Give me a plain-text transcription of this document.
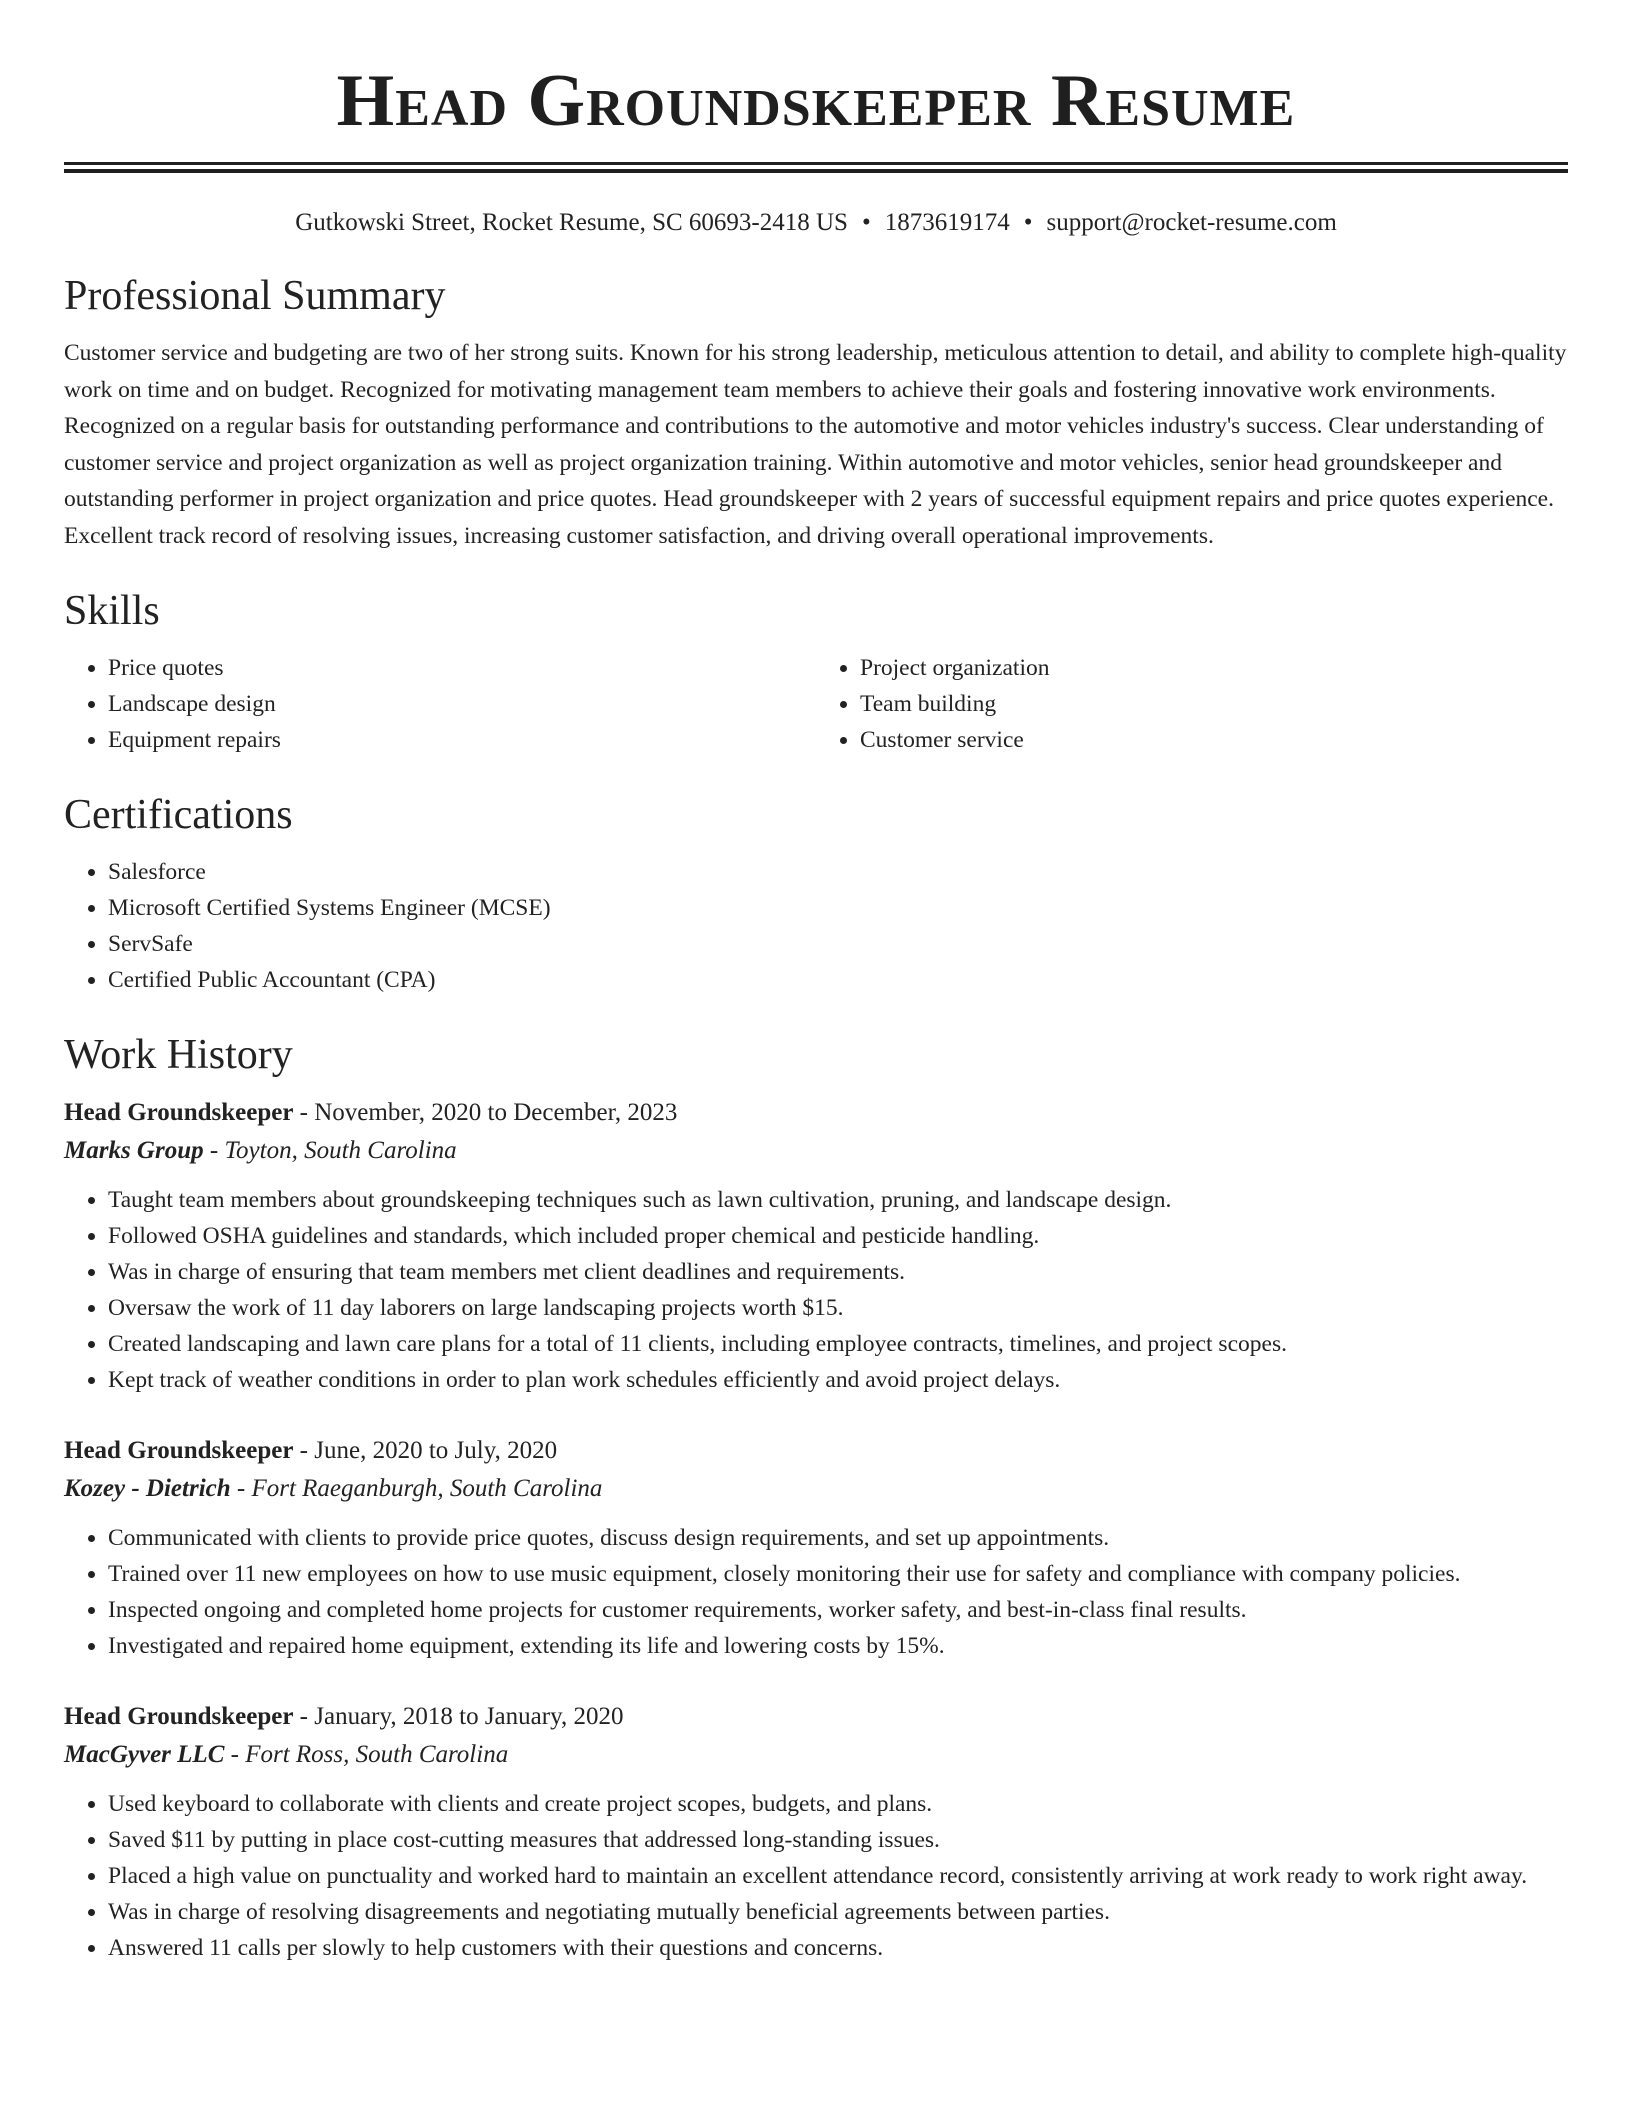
Head Groundskeeper Resume
Gutkowski Street, Rocket Resume, SC 60693-2418 US • 1873619174 • support@rocket-resume.com
Professional Summary

Customer service and budgeting are two of her strong suits. Known for his strong leadership, meticulous attention to detail, and ability to complete high-quality work on time and on budget. Recognized for motivating management team members to achieve their goals and fostering innovative work environments. Recognized on a regular basis for outstanding performance and contributions to the automotive and motor vehicles industry's success. Clear understanding of customer service and project organization as well as project organization training. Within automotive and motor vehicles, senior head groundskeeper and outstanding performer in project organization and price quotes. Head groundskeeper with 2 years of successful equipment repairs and price quotes experience. Excellent track record of resolving issues, increasing customer satisfaction, and driving overall operational improvements.

Skills
• Price quotes
• Landscape design
• Equipment repairs
• Project organization
• Team building
• Customer service
Certifications
• Salesforce
• Microsoft Certified Systems Engineer (MCSE)
• ServSafe
• Certified Public Accountant (CPA)
Work History
Head Groundskeeper - November, 2020 to December, 2023
Marks Group - Toyton, South Carolina
• Taught team members about groundskeeping techniques such as lawn cultivation, pruning, and landscape design.
• Followed OSHA guidelines and standards, which included proper chemical and pesticide handling.
• Was in charge of ensuring that team members met client deadlines and requirements.
• Oversaw the work of 11 day laborers on large landscaping projects worth $15.
• Created landscaping and lawn care plans for a total of 11 clients, including employee contracts, timelines, and project scopes.
• Kept track of weather conditions in order to plan work schedules efficiently and avoid project delays.
Head Groundskeeper - June, 2020 to July, 2020
Kozey - Dietrich - Fort Raeganburgh, South Carolina
• Communicated with clients to provide price quotes, discuss design requirements, and set up appointments.
• Trained over 11 new employees on how to use music equipment, closely monitoring their use for safety and compliance with company policies.
• Inspected ongoing and completed home projects for customer requirements, worker safety, and best-in-class final results.
• Investigated and repaired home equipment, extending its life and lowering costs by 15%.
Head Groundskeeper - January, 2018 to January, 2020
MacGyver LLC - Fort Ross, South Carolina
• Used keyboard to collaborate with clients and create project scopes, budgets, and plans.
• Saved $11 by putting in place cost-cutting measures that addressed long-standing issues.
• Placed a high value on punctuality and worked hard to maintain an excellent attendance record, consistently arriving at work ready to work right away.
• Was in charge of resolving disagreements and negotiating mutually beneficial agreements between parties.
• Answered 11 calls per slowly to help customers with their questions and concerns.
